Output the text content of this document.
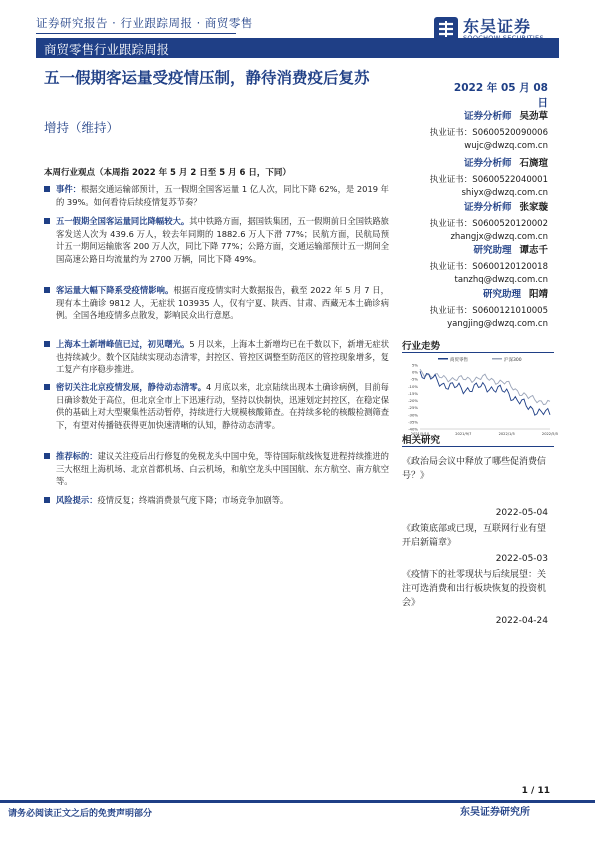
证券研究报告 · 行业跟踪周报 · 商贸零售
商贸零售行业跟踪周报
东吴证券
SOOCHOW SECURITIES
五一假期客运量受疫情压制，静待消费疫后复苏
增持（维持）
2022 年 05 月 08 日
证券分析师 吴劲草
执业证书：S0600520090006
wujc@dwzq.com.cn
证券分析师 石旖瑄
执业证书：S0600522040001
shiyx@dwzq.com.cn
证券分析师 张家璇
执业证书：S0600520120002
zhangjx@dwzq.com.cn
研究助理 谭志千
执业证书：S0600120120018
tanzhq@dwzq.com.cn
研究助理 阳靖
执业证书：S0600121010005
yangjing@dwzq.com.cn
本周行业观点（本周指 2022 年 5 月 2 日至 5 月 6 日，下同）
事件：根据交通运输部预计，五一假期全国客运量 1 亿人次，同比下降 62%，是 2019 年的 39%。如何看待后续疫情复苏节奏？
五一假期全国客运量同比降幅较大。其中铁路方面，据国铁集团，五一假期前日全国铁路旅客发送人次为 439.6 万人，较去年同期的 1882.6 万人下滑 77%；民航方面，民航局预计五一期间运输旅客 200 万人次，同比下降 77%；公路方面，交通运输部预计五一期间全国高速公路日均流量约为 2700 万辆，同比下降 49%。
客运量大幅下降系受疫情影响。根据百度疫情实时大数据报告，截至 2022 年 5 月 7 日，现有本土确诊 9812 人，无症状 103935 人，仅有宁夏、陕西、甘肃、西藏无本土确诊病例。全国各地疫情多点散发，影响民众出行意愿。
上海本土新增峰值已过，初见曙光。5 月以来，上海本土新增均已在千数以下，新增无症状也持续减少。数个区陆续实现动态清零，封控区、管控区调整至防范区的管控现象增多，复工复产有序稳步推进。
密切关注北京疫情发展，静待动态清零。4 月底以来，北京陆续出现本土确诊病例，目前每日确诊数处于高位，但北京全市上下迅速行动，坚持以快制快，迅速划定封控区，在稳定保供的基础上对大型聚集性活动暂停，持续进行大规模核酸筛查。在持续多轮的核酸检测筛查下，有望对传播链获得更加快速清晰的认知，静待动态清零。
推荐标的：建议关注疫后出行修复的免税龙头中国中免，等待国际航线恢复进程持续推进的三大枢纽上海机场、北京首都机场、白云机场，和航空龙头中国国航、东方航空、南方航空等。
风险提示：疫情反复；终端消费景气度下降；市场竞争加剧等。
行业走势
商贸零售	沪深300
5%
0%
-5%
-10%
-15%
-20%
-25%
-30%
-35%
-40%
2021/5/10	2021/9/7	2022/1/5	2022/5/5
相关研究
《政治局会议中释放了哪些促消费信号？》
2022-05-04
《政策底部或已现，互联网行业有望开启新篇章》
2022-05-03
《疫情下的社零现状与后续展望：关注可选消费和出行板块恢复的投资机会》
2022-04-24
1 / 11
请务必阅读正文之后的免责声明部分	东吴证券研究所
